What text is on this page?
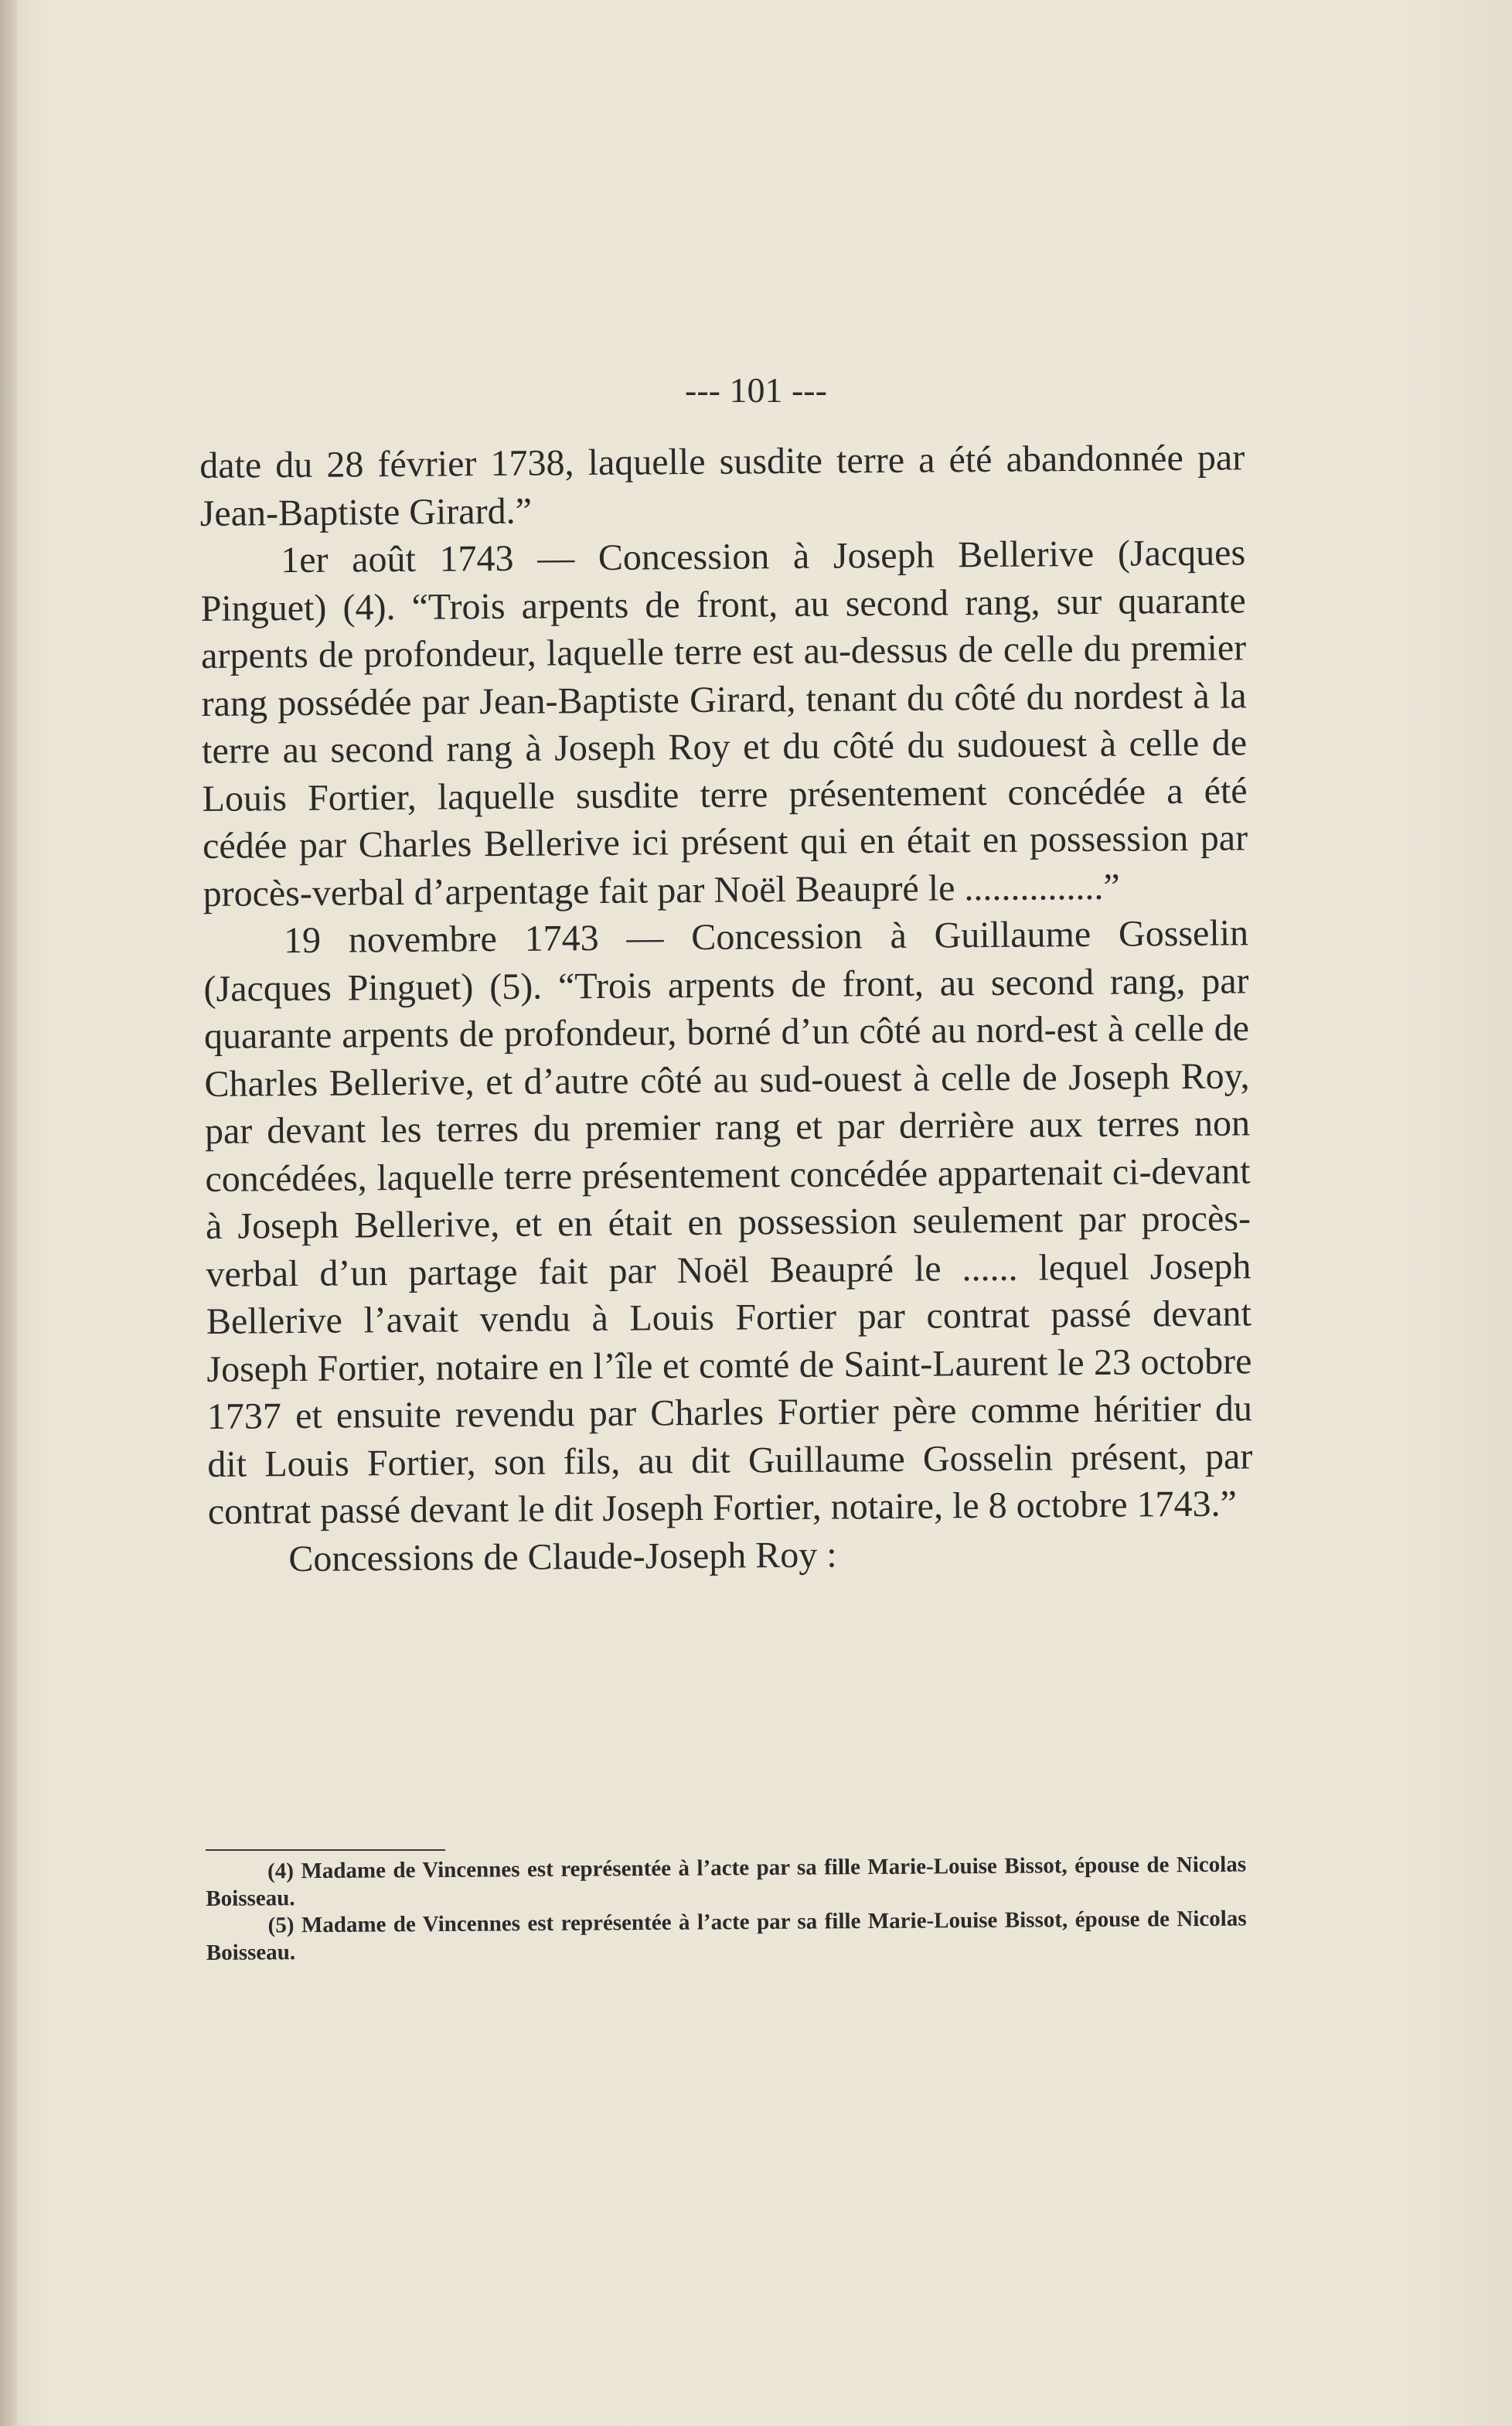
--- 101 ---

date du 28 février 1738, laquelle susdite terre a été abandonnée par Jean-Baptiste Girard.”

1er août 1743 — Concession à Joseph Bellerive (Jacques Pinguet) (4). “Trois arpents de front, au second rang, sur quarante arpents de profondeur, laquelle terre est au-dessus de celle du premier rang possédée par Jean-Baptiste Girard, tenant du côté du nordest à la terre au second rang à Joseph Roy et du côté du sudouest à celle de Louis Fortier, laquelle susdite terre présentement concédée a été cédée par Charles Bellerive ici présent qui en était en possession par procès-verbal d’arpentage fait par Noël Beaupré le ...............”

19 novembre 1743 — Concession à Guillaume Gosselin (Jacques Pinguet) (5). “Trois arpents de front, au second rang, par quarante arpents de profondeur, borné d’un côté au nord-est à celle de Charles Bellerive, et d’autre côté au sud-ouest à celle de Joseph Roy, par devant les terres du premier rang et par derrière aux terres non concédées, laquelle terre présentement concédée appartenait ci-devant à Joseph Bellerive, et en était en possession seulement par procès-verbal d’un partage fait par Noël Beaupré le ...... lequel Joseph Bellerive l’avait vendu à Louis Fortier par contrat passé devant Joseph Fortier, notaire en l’île et comté de Saint-Laurent le 23 octobre 1737 et ensuite revendu par Charles Fortier père comme héritier du dit Louis Fortier, son fils, au dit Guillaume Gosselin présent, par contrat passé devant le dit Joseph Fortier, notaire, le 8 octobre 1743.”

Concessions de Claude-Joseph Roy :

(4) Madame de Vincennes est représentée à l’acte par sa fille Marie-Louise Bissot, épouse de Nicolas Boisseau.

(5) Madame de Vincennes est représentée à l’acte par sa fille Marie-Louise Bissot, épouse de Nicolas Boisseau.
